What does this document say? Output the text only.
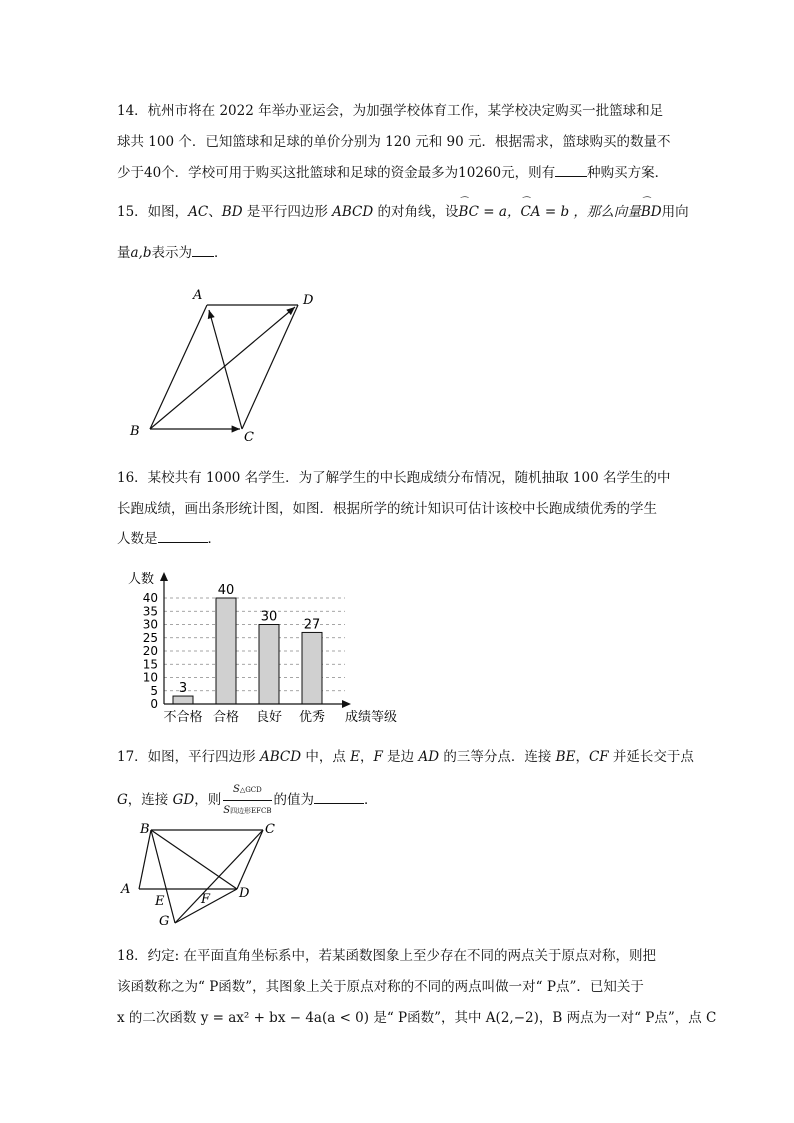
14．杭州市将在 2022 年举办亚运会，为加强学校体育工作，某学校决定购买一批篮球和足
球共 100 个．已知篮球和足球的单价分别为 120 元和 90 元．根据需求，篮球购买的数量不
少于40个．学校可用于购买这批篮球和足球的资金最多为10260元，则有 种购买方案．
15．如图，AC、BD 是平行四边形 ABCD 的对角线，设⌒ BC = a，⌒ CA = b ，那么向量⌒ BD用向
量a,b表示为 ．
A	D
B	C
16．某校共有 1000 名学生．为了解学生的中长跑成绩分布情况，随机抽取 100 名学生的中
长跑成绩，画出条形统计图，如图．根据所学的统计知识可估计该校中长跑成绩优秀的学生
人数是	．
3
40
30
27
0
5
10
15
20
25
30
35
40
不合格 合格 良好 优秀
人数
成绩等级
17．如图，平行四边形 ABCD 中，点 E，F 是边 AD 的三等分点．连接 BE，CF 并延长交于点
G，连接 GD，则 $\frac{\text{S△GCD}}{\text{S四边形EFCB}}$ 的值为	．
B	C
A	D
E	F
G
18．约定: 在平面直角坐标系中，若某函数图象上至少存在不同的两点关于原点对称，则把
该函数称之为“ P函数”，其图象上关于原点对称的不同的两点叫做一对“ P点”．已知关于
x 的二次函数 y = ax² + bx − 4a(a < 0) 是“ P函数”，其中 A(2,−2)，B 两点为一对“ P点”，点 C
